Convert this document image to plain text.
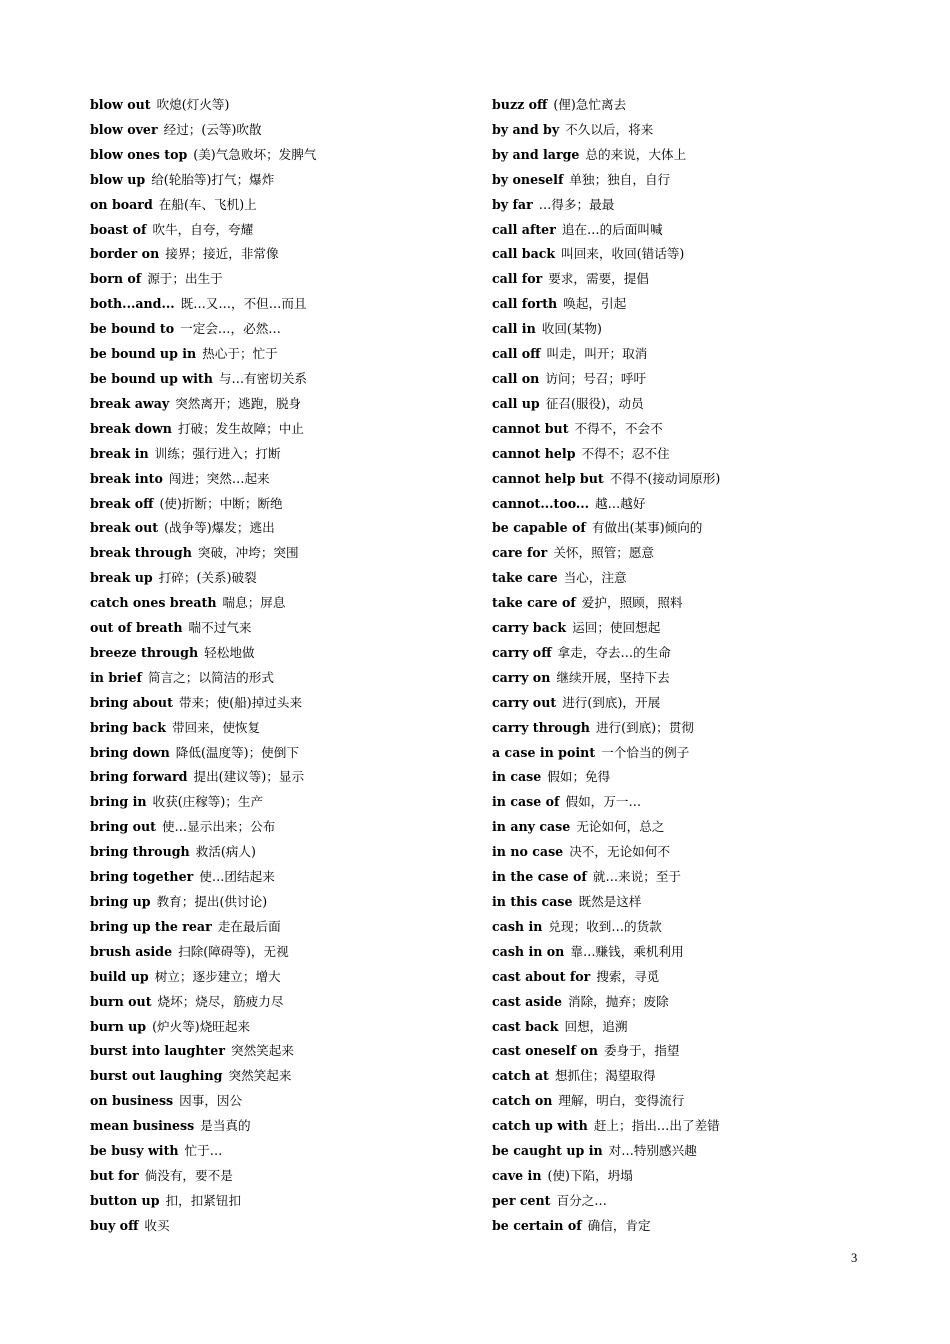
blow out 吹熄(灯火等)
blow over 经过；(云等)吹散
blow ones top (美)气急败坏；发脾气
blow up 给(轮胎等)打气；爆炸
on board 在船(车、飞机)上
boast of 吹牛，自夸，夸耀
border on 接界；接近，非常像
born of 源于；出生于
both...and... 既…又…，不但…而且
be bound to 一定会…，必然…
be bound up in 热心于；忙于
be bound up with 与…有密切关系
break away 突然离开；逃跑，脱身
break down 打破；发生故障；中止
break in 训练；强行进入；打断
break into 闯进；突然…起来
break off (使)折断；中断；断绝
break out (战争等)爆发；逃出
break through 突破，冲垮；突围
break up 打碎；(关系)破裂
catch ones breath 喘息；屏息
out of breath 喘不过气来
breeze through 轻松地做
in brief 简言之；以简洁的形式
bring about 带来；使(船)掉过头来
bring back 带回来，使恢复
bring down 降低(温度等)；使倒下
bring forward 提出(建议等)；显示
bring in 收获(庄稼等)；生产
bring out 使…显示出来；公布
bring through 救活(病人)
bring together 使…团结起来
bring up 教育；提出(供讨论)
bring up the rear 走在最后面
brush aside 扫除(障碍等)，无视
build up 树立；逐步建立；增大
burn out 烧坏；烧尽，筋疲力尽
burn up (炉火等)烧旺起来
burst into laughter 突然笑起来
burst out laughing 突然笑起来
on business 因事，因公
mean business 是当真的
be busy with 忙于…
but for 倘没有，要不是
button up 扣，扣紧钮扣
buy off 收买
buzz off (俚)急忙离去
by and by 不久以后，将来
by and large 总的来说，大体上
by oneself 单独；独自，自行
by far …得多；最最
call after 追在…的后面叫喊
call back 叫回来，收回(错话等)
call for 要求，需要，提倡
call forth 唤起，引起
call in 收回(某物)
call off 叫走，叫开；取消
call on 访问；号召；呼吁
call up 征召(服役)，动员
cannot but 不得不，不会不
cannot help 不得不；忍不住
cannot help but 不得不(接动词原形)
cannot...too... 越…越好
be capable of 有做出(某事)倾向的
care for 关怀，照管；愿意
take care 当心，注意
take care of 爱护，照顾，照料
carry back 运回；使回想起
carry off 拿走，夺去…的生命
carry on 继续开展，坚持下去
carry out 进行(到底)，开展
carry through 进行(到底)；贯彻
a case in point 一个恰当的例子
in case 假如；免得
in case of 假如，万一…
in any case 无论如何，总之
in no case 决不，无论如何不
in the case of 就…来说；至于
in this case 既然是这样
cash in 兑现；收到…的货款
cash in on 靠…赚钱，乘机利用
cast about for 搜索，寻觅
cast aside 消除，抛弃；废除
cast back 回想，追溯
cast oneself on 委身于，指望
catch at 想抓住；渴望取得
catch on 理解，明白，变得流行
catch up with 赶上；指出…出了差错
be caught up in 对…特别感兴趣
cave in (使)下陷，坍塌
per cent 百分之…
be certain of 确信，肯定
3
